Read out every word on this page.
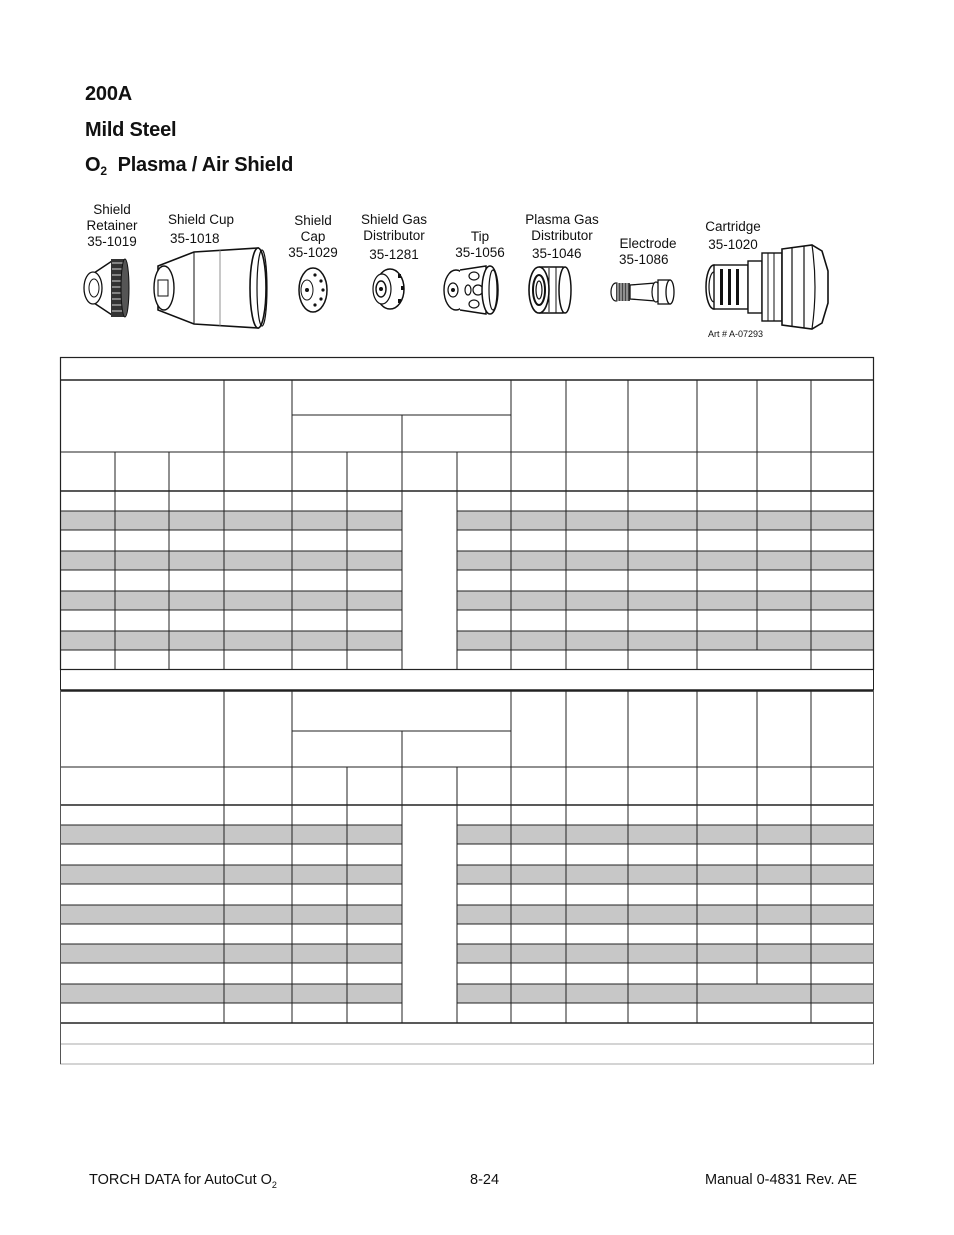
200A
Mild Steel
$O_2$ Plasma / Air Shield
Shield
Retainer
35-1019
Shield Cup
35-1018
Shield
Cap
35-1029
Shield Gas
Distributor
35-1281
Tip
35-1056
Plasma Gas
Distributor
35-1046
Electrode
35-1086
Cartridge
35-1020
Art # A-07293
TORCH DATA for AutoCut $O_2$	8-24	Manual 0-4831 Rev. AE
